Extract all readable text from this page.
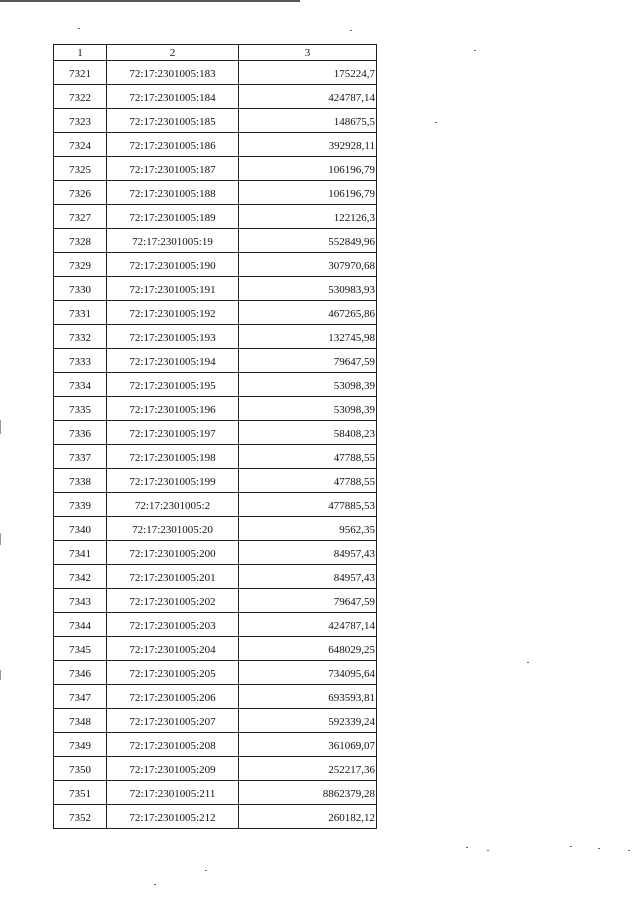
1	2	3
7321	72:17:2301005:183	175224,7
7322	72:17:2301005:184	424787,14
7323	72:17:2301005:185	148675,5
7324	72:17:2301005:186	392928,11
7325	72:17:2301005:187	106196,79
7326	72:17:2301005:188	106196,79
7327	72:17:2301005:189	122126,3
7328	72:17:2301005:19	552849,96
7329	72:17:2301005:190	307970,68
7330	72:17:2301005:191	530983,93
7331	72:17:2301005:192	467265,86
7332	72:17:2301005:193	132745,98
7333	72:17:2301005:194	79647,59
7334	72:17:2301005:195	53098,39
7335	72:17:2301005:196	53098,39
7336	72:17:2301005:197	58408,23
7337	72:17:2301005:198	47788,55
7338	72:17:2301005:199	47788,55
7339	72:17:2301005:2	477885,53
7340	72:17:2301005:20	9562,35
7341	72:17:2301005:200	84957,43
7342	72:17:2301005:201	84957,43
7343	72:17:2301005:202	79647,59
7344	72:17:2301005:203	424787,14
7345	72:17:2301005:204	648029,25
7346	72:17:2301005:205	734095,64
7347	72:17:2301005:206	693593,81
7348	72:17:2301005:207	592339,24
7349	72:17:2301005:208	361069,07
7350	72:17:2301005:209	252217,36
7351	72:17:2301005:211	8862379,28
7352	72:17:2301005:212	260182,12
